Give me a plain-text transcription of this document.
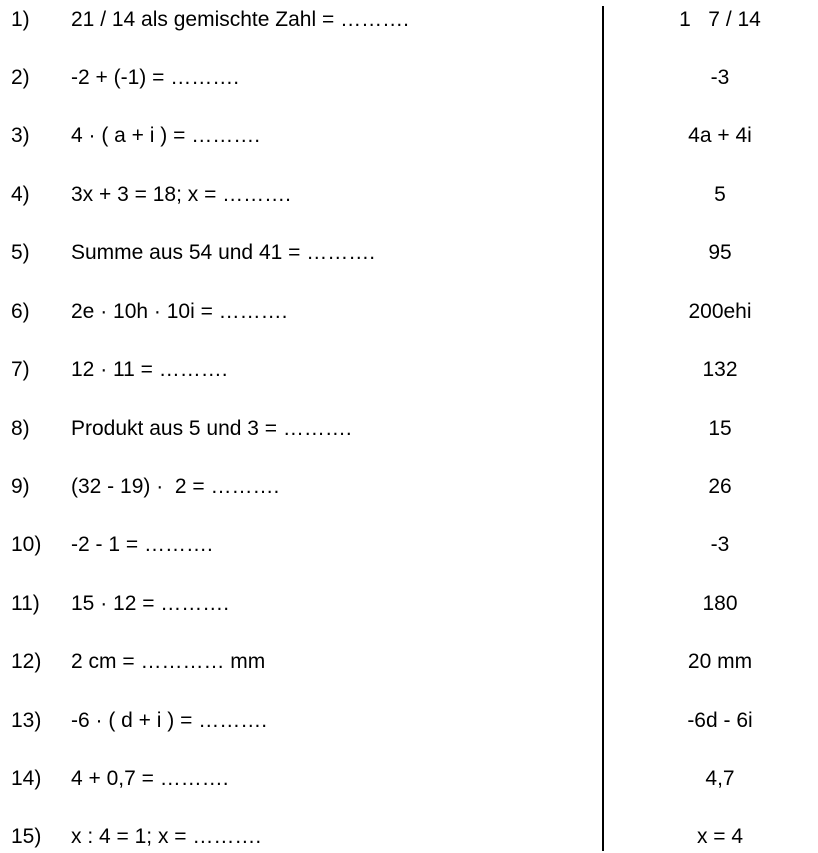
1)	21 / 14 als gemischte Zahl = ……….	1   7 / 14
2)	-2 + (-1) = ……….	-3
3)	4 · ( a + i ) = ……….	4a + 4i
4)	3x + 3 = 18; x = ……….	5
5)	Summe aus 54 und 41 = ……….	95
6)	2e · 10h · 10i = ……….	200ehi
7)	12 · 11 = ……….	132
8)	Produkt aus 5 und 3 = ……….	15
9)	(32 - 19) ·  2 = ……….	26
10)	-2 - 1 = ……….	-3
11)	15 · 12 = ……….	180
12)	2 cm = ………… mm	20 mm
13)	-6 · ( d + i ) = ……….	-6d - 6i
14)	4 + 0,7 = ……….	4,7
15)	x : 4 = 1; x = ……….	x = 4
